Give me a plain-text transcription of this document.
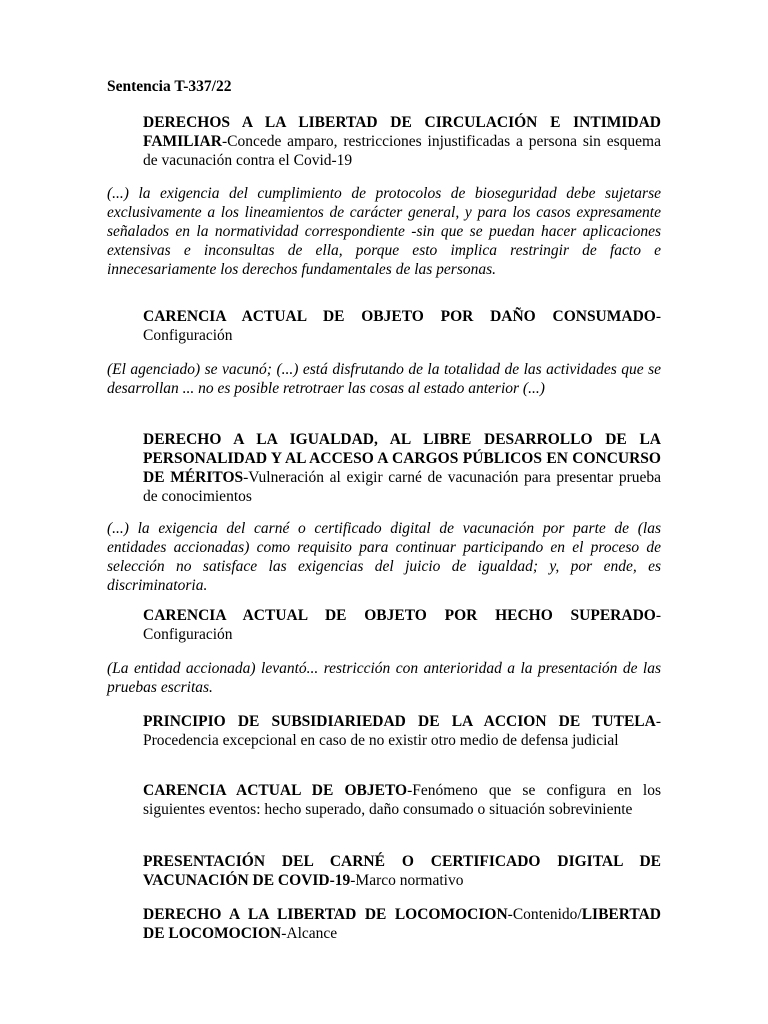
Sentencia T-337/22

DERECHOS A LA LIBERTAD DE CIRCULACIÓN E INTIMIDAD FAMILIAR-Concede amparo, restricciones injustificadas a persona sin esquema de vacunación contra el Covid-19

(...) la exigencia del cumplimiento de protocolos de bioseguridad debe sujetarse exclusivamente a los lineamientos de carácter general, y para los casos expresamente señalados en la normatividad correspondiente -sin que se puedan hacer aplicaciones extensivas e inconsultas de ella, porque esto implica restringir de facto e innecesariamente los derechos fundamentales de las personas.

CARENCIA ACTUAL DE OBJETO POR DAÑO CONSUMADO-Configuración

(El agenciado) se vacunó; (...) está disfrutando de la totalidad de las actividades que se desarrollan ... no es posible retrotraer las cosas al estado anterior (...)

DERECHO A LA IGUALDAD, AL LIBRE DESARROLLO DE LA PERSONALIDAD Y AL ACCESO A CARGOS PÚBLICOS EN CONCURSO DE MÉRITOS-Vulneración al exigir carné de vacunación para presentar prueba de conocimientos

(...) la exigencia del carné o certificado digital de vacunación por parte de (las entidades accionadas) como requisito para continuar participando en el proceso de selección no satisface las exigencias del juicio de igualdad; y, por ende, es discriminatoria.

CARENCIA ACTUAL DE OBJETO POR HECHO SUPERADO-Configuración

(La entidad accionada) levantó... restricción con anterioridad a la presentación de las pruebas escritas.

PRINCIPIO DE SUBSIDIARIEDAD DE LA ACCION DE TUTELA-Procedencia excepcional en caso de no existir otro medio de defensa judicial

CARENCIA ACTUAL DE OBJETO-Fenómeno que se configura en los siguientes eventos: hecho superado, daño consumado o situación sobreviniente

PRESENTACIÓN DEL CARNÉ O CERTIFICADO DIGITAL DE VACUNACIÓN DE COVID-19-Marco normativo

DERECHO A LA LIBERTAD DE LOCOMOCION-Contenido/LIBERTAD DE LOCOMOCION-Alcance
